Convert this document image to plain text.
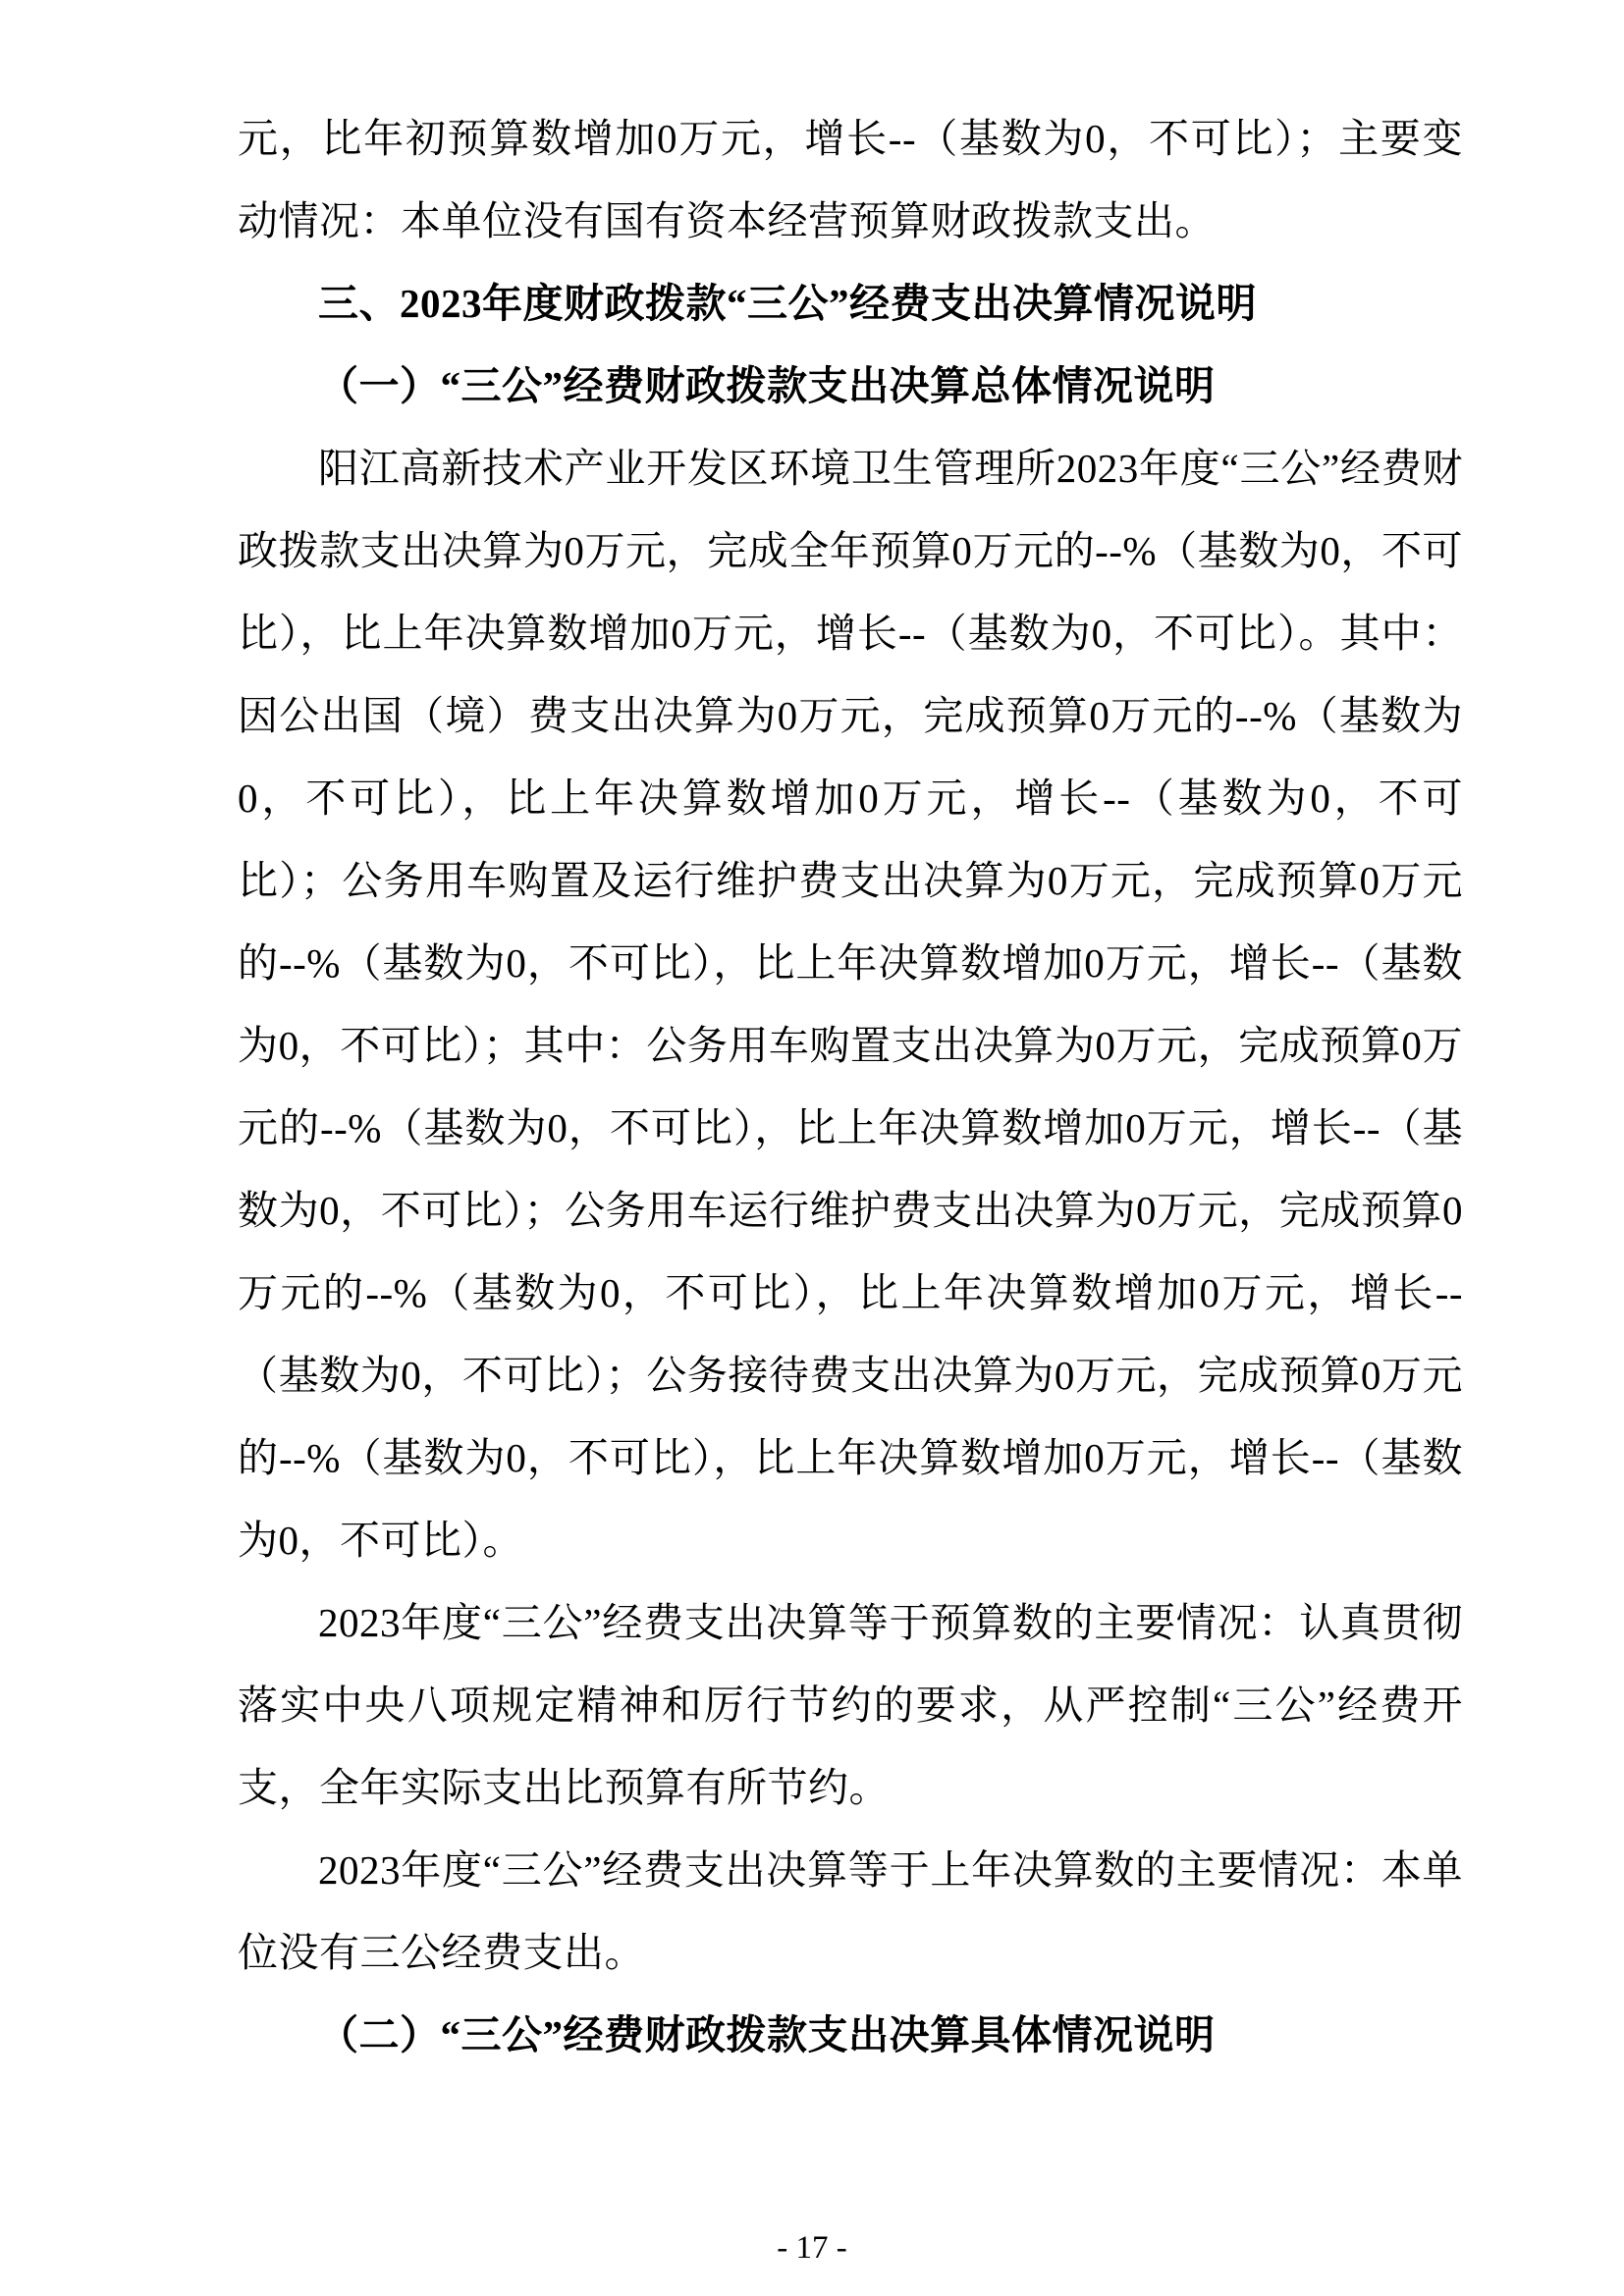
元，比年初预算数增加0万元，增长--（基数为0，不可比）；主要变动情况：本单位没有国有资本经营预算财政拨款支出。

三、2023年度财政拨款“三公”经费支出决算情况说明

（一）“三公”经费财政拨款支出决算总体情况说明

阳江高新技术产业开发区环境卫生管理所2023年度“三公”经费财政拨款支出决算为0万元，完成全年预算0万元的--%（基数为0，不可比），比上年决算数增加0万元，增长--（基数为0，不可比）。其中：因公出国（境）费支出决算为0万元，完成预算0万元的--%（基数为0，不可比），比上年决算数增加0万元，增长--（基数为0，不可比）；公务用车购置及运行维护费支出决算为0万元，完成预算0万元的--%（基数为0，不可比），比上年决算数增加0万元，增长--（基数为0，不可比）；其中：公务用车购置支出决算为0万元，完成预算0万元的--%（基数为0，不可比），比上年决算数增加0万元，增长--（基数为0，不可比）；公务用车运行维护费支出决算为0万元，完成预算0万元的--%（基数为0，不可比），比上年决算数增加0万元，增长--（基数为0，不可比）；公务接待费支出决算为0万元，完成预算0万元的--%（基数为0，不可比），比上年决算数增加0万元，增长--（基数为0，不可比）。

2023年度“三公”经费支出决算等于预算数的主要情况：认真贯彻落实中央八项规定精神和厉行节约的要求，从严控制“三公”经费开支，全年实际支出比预算有所节约。

2023年度“三公”经费支出决算等于上年决算数的主要情况：本单位没有三公经费支出。

（二）“三公”经费财政拨款支出决算具体情况说明

- 17 -
